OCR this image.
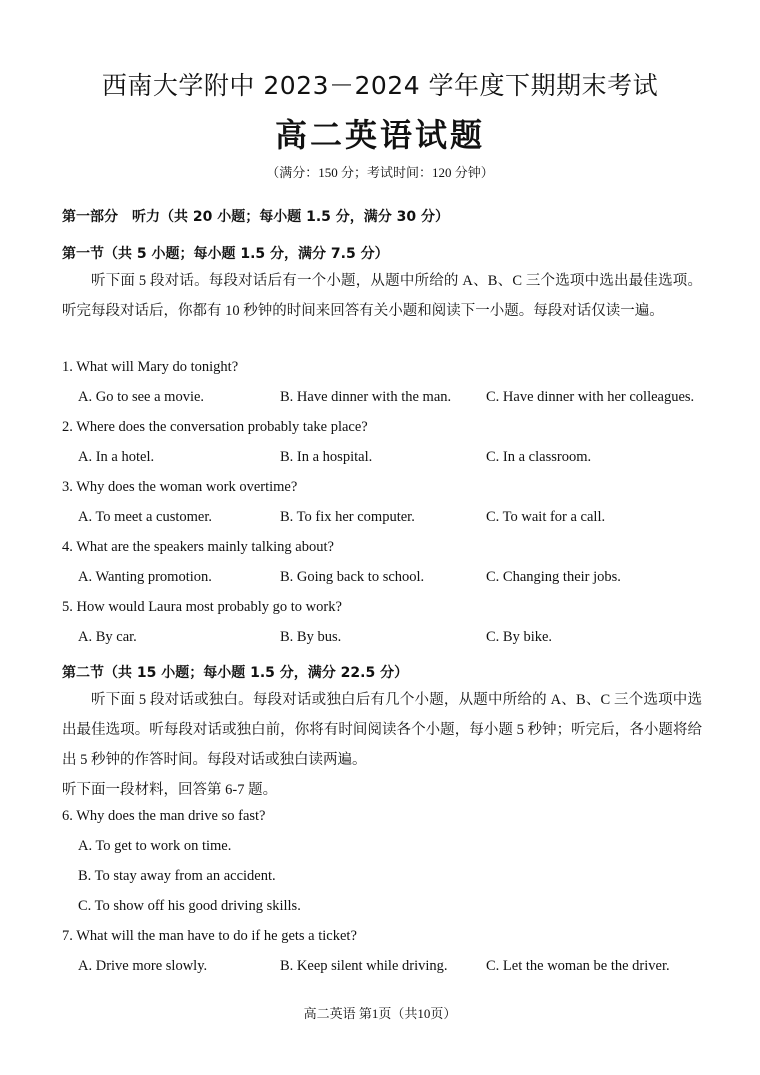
西南大学附中 2023－2024 学年度下期期末考试
高二英语试题
（满分：150 分；考试时间：120 分钟）
第一部分　听力（共 20 小题；每小题 1.5 分，满分 30 分）
第一节（共 5 小题；每小题 1.5 分，满分 7.5 分）
听下面 5 段对话。每段对话后有一个小题，从题中所给的 A、B、C 三个选项中选出最佳选项。听完每段对话后，你都有 10 秒钟的时间来回答有关小题和阅读下一小题。每段对话仅读一遍。
1. What will Mary do tonight?
A. Go to see a movie.	B. Have dinner with the man. C. Have dinner with her colleagues.
2. Where does the conversation probably take place?
A. In a hotel.	B. In a hospital.	C. In a classroom.
3. Why does the woman work overtime?
A. To meet a customer.	B. To fix her computer.	C. To wait for a call.
4. What are the speakers mainly talking about?
A. Wanting promotion.	B. Going back to school.	C. Changing their jobs.
5. How would Laura most probably go to work?
A. By car.	B. By bus.	C. By bike.
第二节（共 15 小题；每小题 1.5 分，满分 22.5 分）
听下面 5 段对话或独白。每段对话或独白后有几个小题，从题中所给的 A、B、C 三个选项中选出最佳选项。听每段对话或独白前，你将有时间阅读各个小题，每小题 5 秒钟；听完后，各小题将给出 5 秒钟的作答时间。每段对话或独白读两遍。
听下面一段材料，回答第 6-7 题。
6. Why does the man drive so fast?
A. To get to work on time.
B. To stay away from an accident.
C. To show off his good driving skills.
7. What will the man have to do if he gets a ticket?
A. Drive more slowly.	B. Keep silent while driving.	C. Let the woman be the driver.
高二英语 第1页（共10页）
